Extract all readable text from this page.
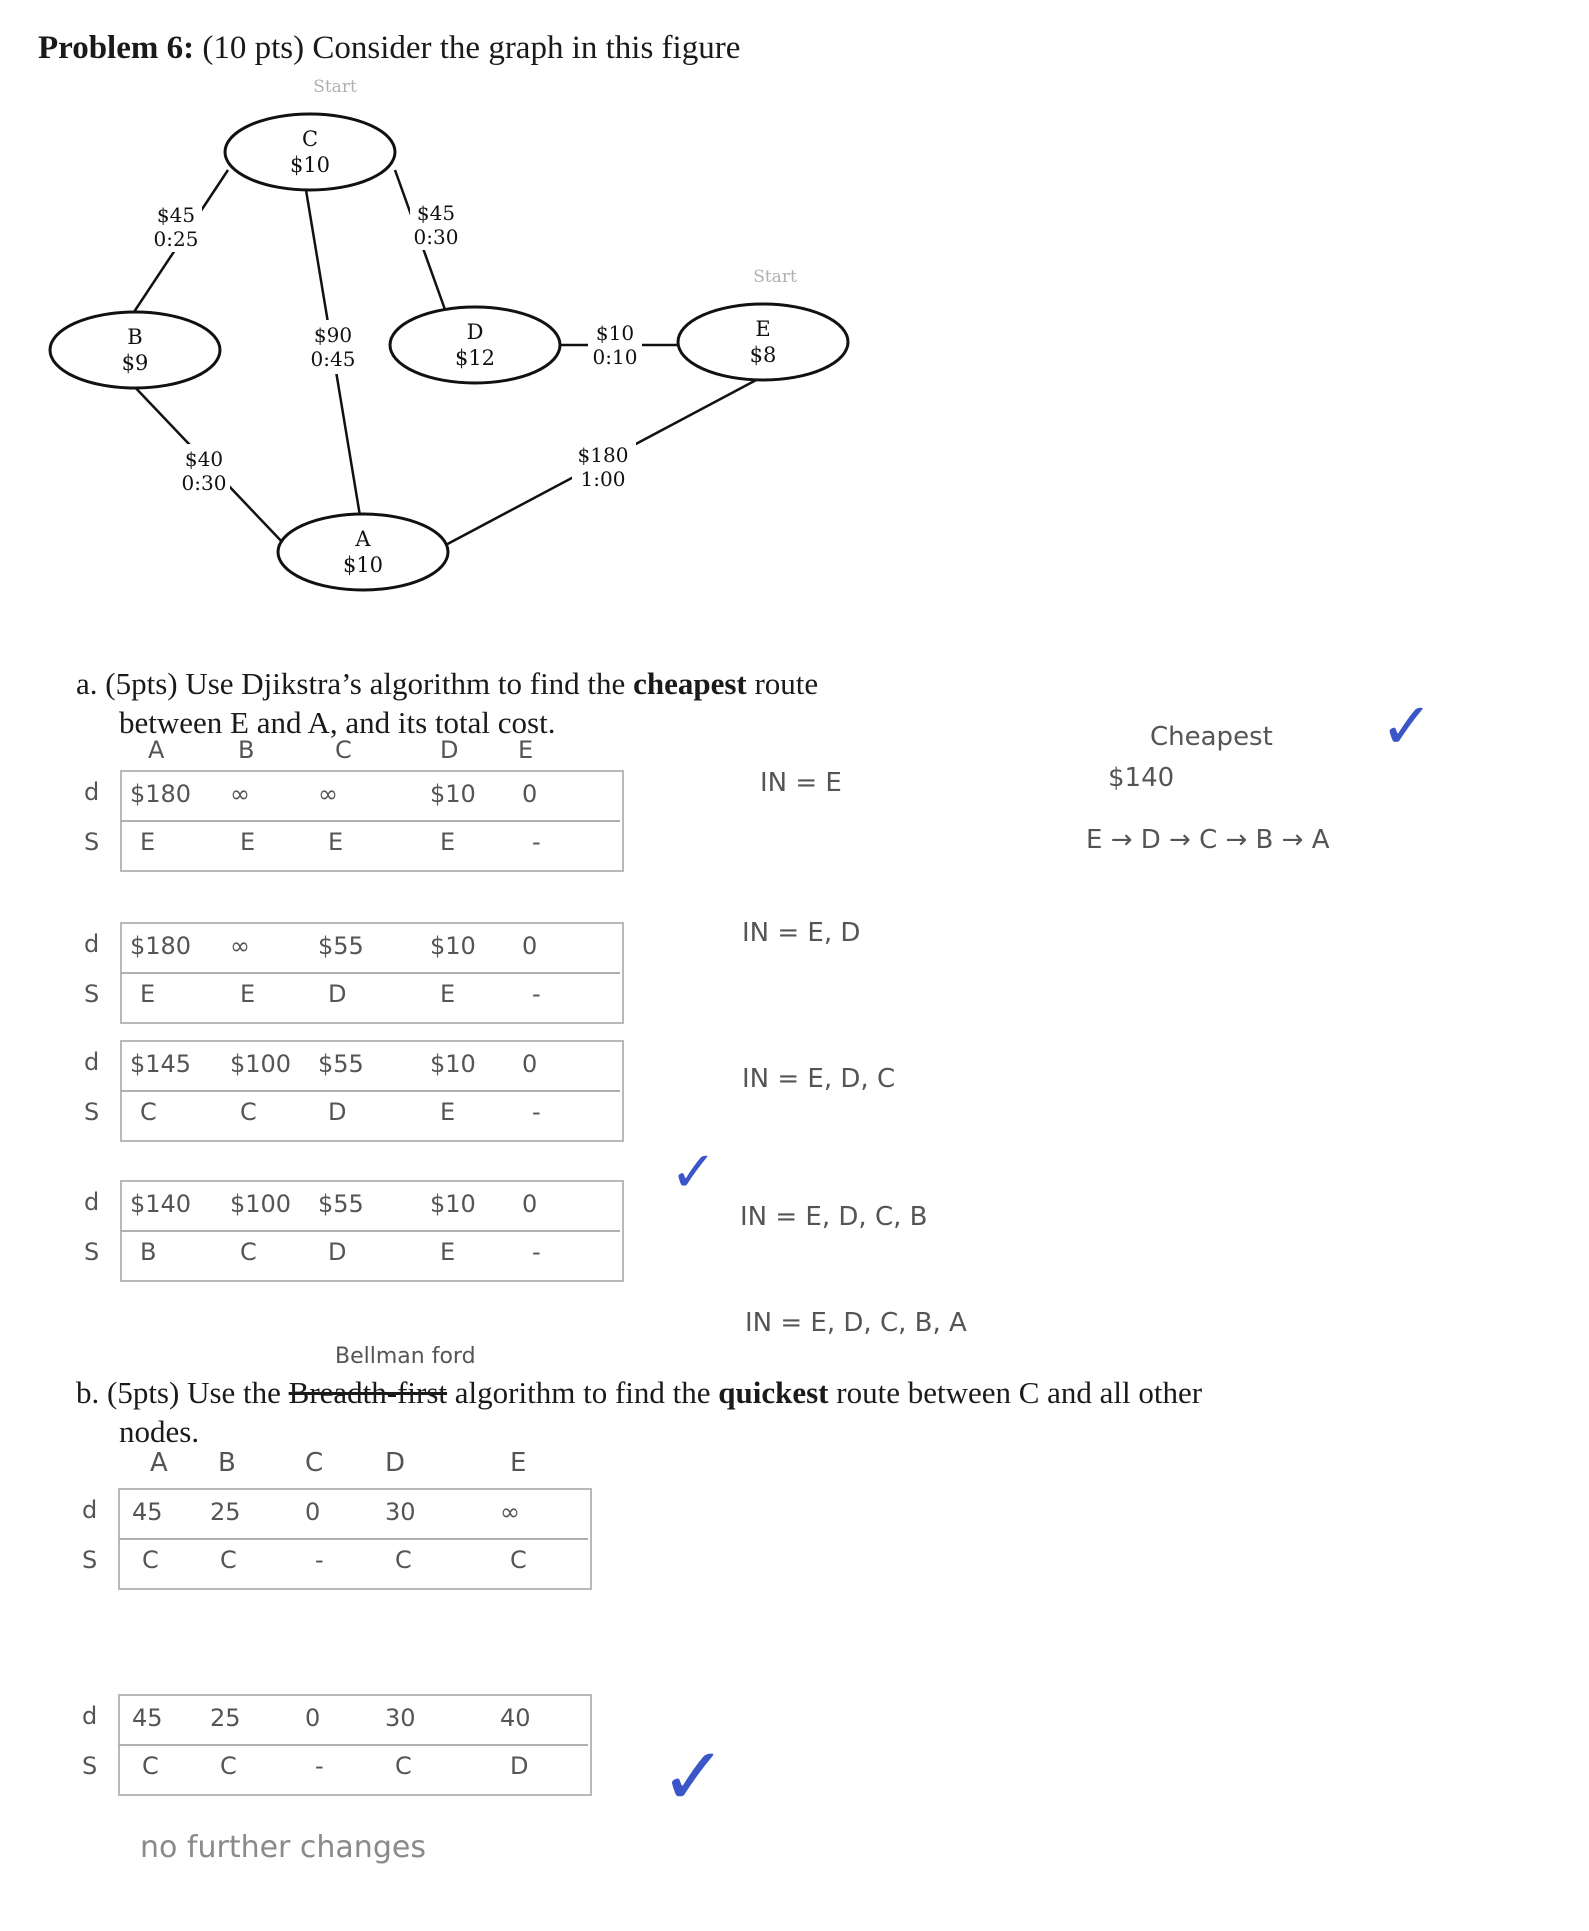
Problem 6: (10 pts) Consider the graph in this figure
C
$10
B
$9
D
$12
E
$8
A
$10
$45
0:25
$45
0:30
$90
0:45
$10
0:10
$40
0:30
$180
1:00
Start
Start
a. (5pts) Use Djikstra’s algorithm to find the cheapest route
between E and A, and its total cost.
A	B	C	D E
d
S
$180 ∞	∞	$10 0
E	E	E	E	-
d
S
$180 ∞	$55	$10 0
E	E	D	E	-
d
S
$145 $100 $55	$10 0
C	C	D	E	-
d
S
$140 $100 $55	$10 0
B	C	D	E	-
IN = E
IN = E, D
IN = E, D, C
IN = E, D, C, B
IN = E, D, C, B, A
Cheapest
$140
E → D → C → B → A
✓
✓
Bellman ford
b. (5pts) Use the Breadth-first algorithm to find the quickest route between C and all other
nodes.
A B	C D	E
d
S
45 25	0	30	∞
C	C	-	C	C
d
S
45 25	0	30	40
C	C	-	C	D
no further changes
✓
